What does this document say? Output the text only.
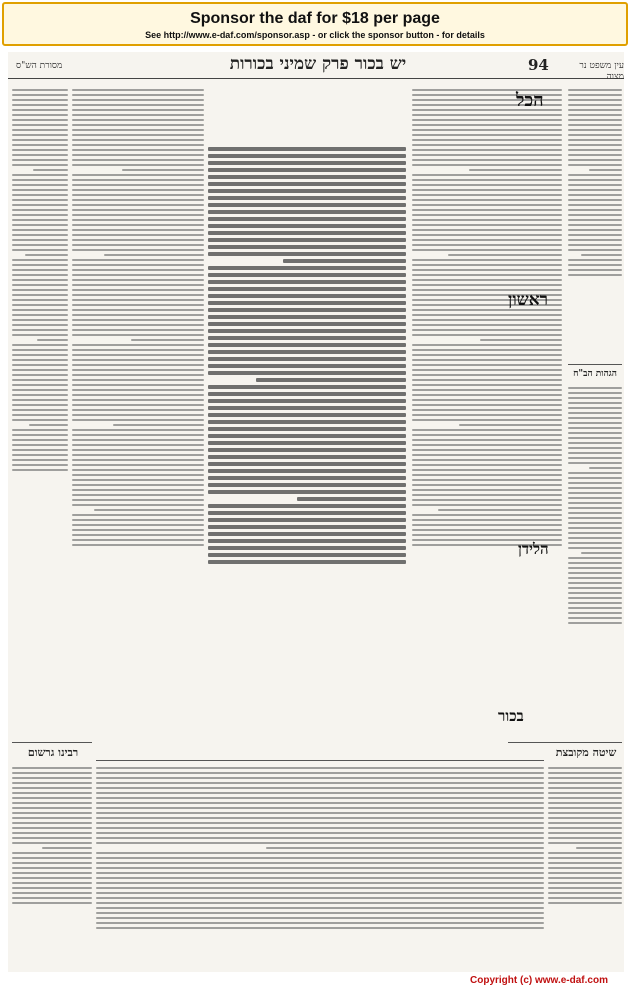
Sponsor the daf for $18 per page
See http://www.e-daf.com/sponsor.asp - or click the sponsor button - for details
מסורת הש"ס	יש בכור פרק שמיני בכורות	94	עין משפט נר מצוה
הגהות הב"ח
שיטה מקובצת
הכל
ראשון
הלידן
בכור
רבינו גרשום
Copyright (c) www.e-daf.com
